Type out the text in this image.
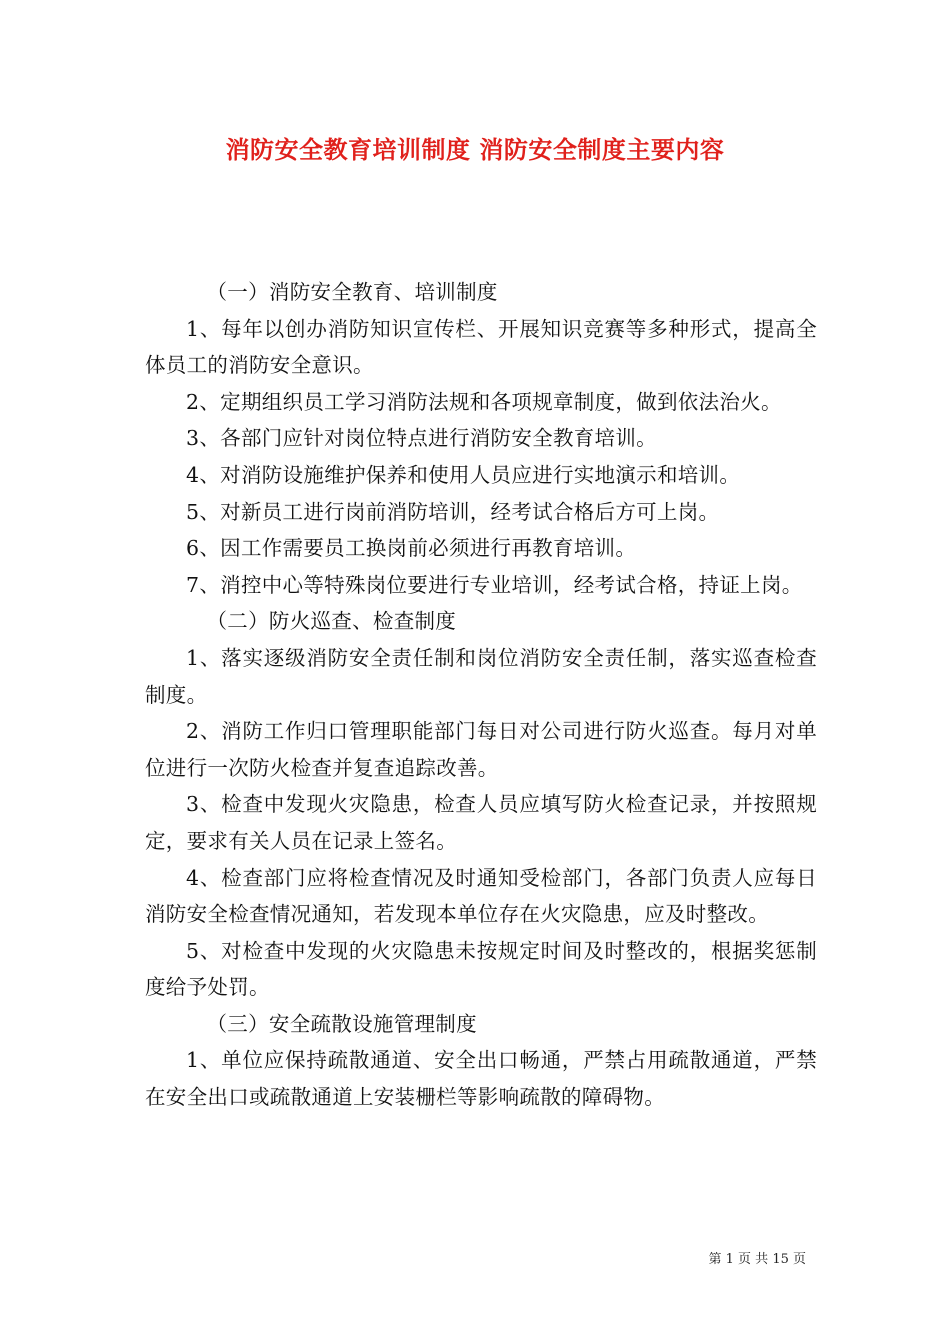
消防安全教育培训制度 消防安全制度主要内容

（一）消防安全教育、培训制度

1、每年以创办消防知识宣传栏、开展知识竞赛等多种形式，提高全体员工的消防安全意识。

2、定期组织员工学习消防法规和各项规章制度，做到依法治火。

3、各部门应针对岗位特点进行消防安全教育培训。

4、对消防设施维护保养和使用人员应进行实地演示和培训。

5、对新员工进行岗前消防培训，经考试合格后方可上岗。

6、因工作需要员工换岗前必须进行再教育培训。

7、消控中心等特殊岗位要进行专业培训，经考试合格，持证上岗。

（二）防火巡查、检查制度

1、落实逐级消防安全责任制和岗位消防安全责任制，落实巡查检查制度。

2、消防工作归口管理职能部门每日对公司进行防火巡查。每月对单位进行一次防火检查并复查追踪改善。

3、检查中发现火灾隐患，检查人员应填写防火检查记录，并按照规定，要求有关人员在记录上签名。

4、检查部门应将检查情况及时通知受检部门，各部门负责人应每日消防安全检查情况通知，若发现本单位存在火灾隐患，应及时整改。

5、对检查中发现的火灾隐患未按规定时间及时整改的，根据奖惩制度给予处罚。

（三）安全疏散设施管理制度

1、单位应保持疏散通道、安全出口畅通，严禁占用疏散通道，严禁在安全出口或疏散通道上安装栅栏等影响疏散的障碍物。

第 1 页 共 15 页
